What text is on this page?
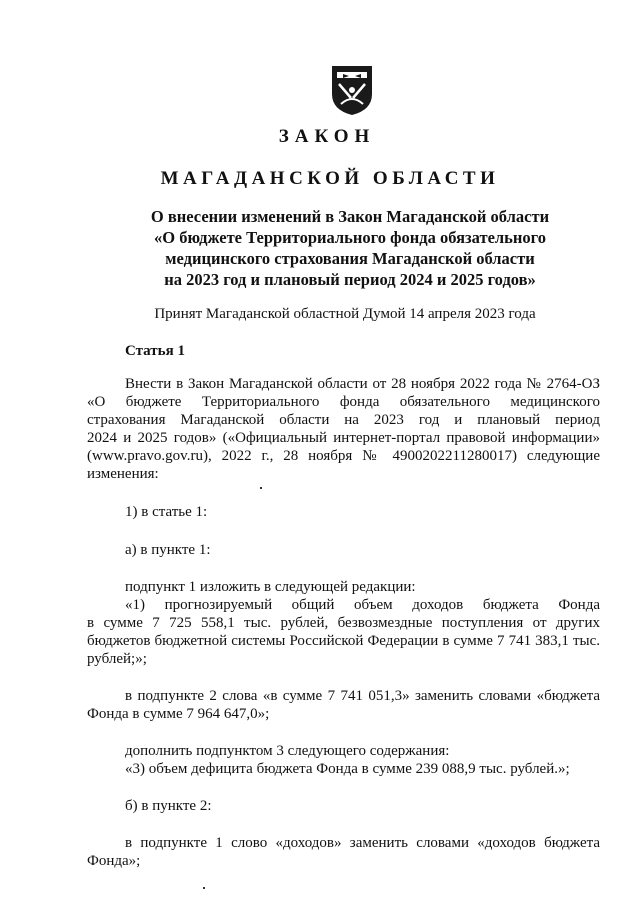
ЗАКОН
МАГАДАНСКОЙ ОБЛАСТИ
О внесении изменений в Закон Магаданской области
«О бюджете Территориального фонда обязательного
медицинского страхования Магаданской области
на 2023 год и плановый период 2024 и 2025 годов»
Принят Магаданской областной Думой 14 апреля 2023 года
Статья 1
Внести в Закон Магаданской области от 28 ноября 2022 года № 2764-ОЗ
«О бюджете Территориального фонда обязательного медицинского
страхования Магаданской области на 2023 год и плановый период
2024 и 2025 годов» («Официальный интернет-портал правовой информации»
(www.pravo.gov.ru), 2022 г., 28 ноября № 4900202211280017) следующие
изменения:
1) в статье 1:
а) в пункте 1:
подпункт 1 изложить в следующей редакции:
«1) прогнозируемый общий объем доходов бюджета Фонда
в сумме 7 725 558,1 тыс. рублей, безвозмездные поступления от других
бюджетов бюджетной системы Российской Федерации в сумме 7 741 383,1 тыс.
рублей;»;
в подпункте 2 слова «в сумме 7 741 051,3» заменить словами «бюджета
Фонда в сумме 7 964 647,0»;
дополнить подпунктом 3 следующего содержания:
«3) объем дефицита бюджета Фонда в сумме 239 088,9 тыс. рублей.»;
б) в пункте 2:
в подпункте 1 слово «доходов» заменить словами «доходов бюджета
Фонда»;
